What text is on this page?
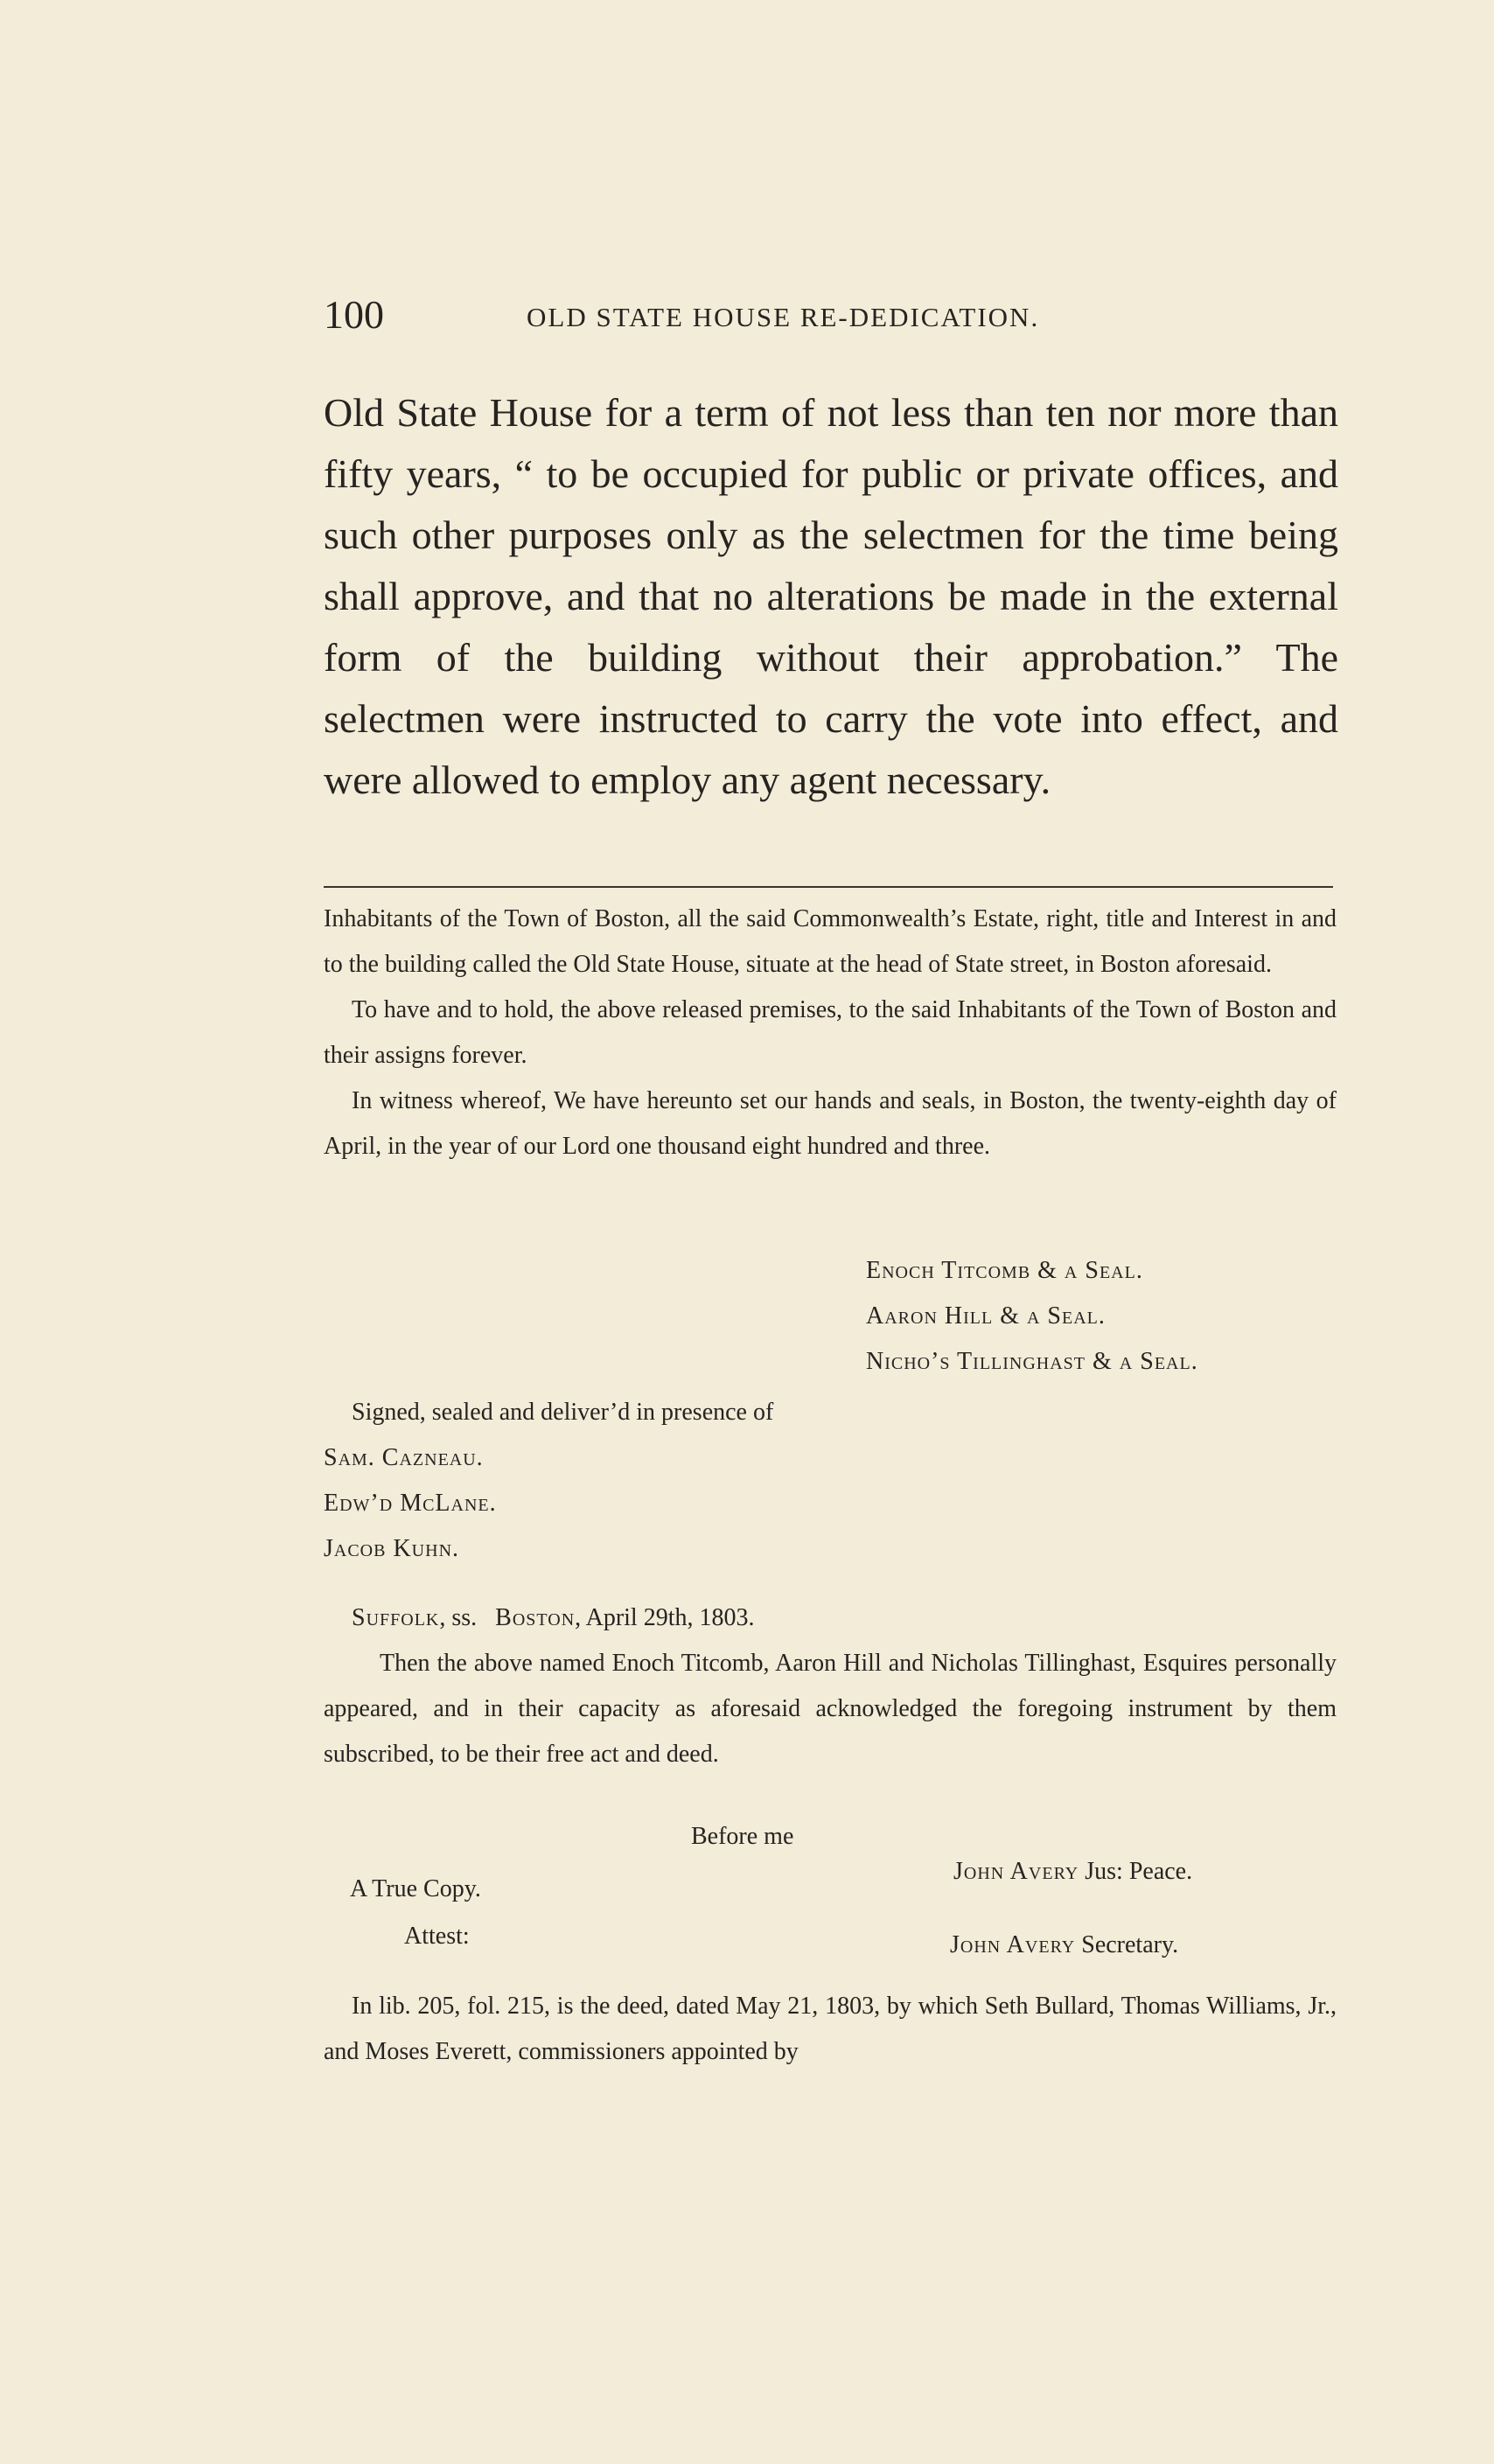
100	OLD STATE HOUSE RE-DEDICATION.

Old State House for a term of not less than ten nor more than fifty years, “ to be occupied for public or private offices, and such other purposes only as the selectmen for the time being shall approve, and that no alterations be made in the external form of the building without their approbation.” The selectmen were instructed to carry the vote into effect, and were allowed to employ any agent necessary.

Inhabitants of the Town of Boston, all the said Commonwealth’s Estate, right, title and Interest in and to the building called the Old State House, situate at the head of State street, in Boston aforesaid.

To have and to hold, the above released premises, to the said Inhabitants of the Town of Boston and their assigns forever.

In witness whereof, We have hereunto set our hands and seals, in Boston, the twenty-eighth day of April, in the year of our Lord one thousand eight hundred and three.

Enoch Titcomb & a Seal.
Aaron Hill & a Seal.
Nicho’s Tillinghast & a Seal.
Signed, sealed and deliver’d in presence of
Sam. Cazneau.
Edw’d McLane.
Jacob Kuhn.

Suffolk, ss. Boston, April 29th, 1803.

Then the above named Enoch Titcomb, Aaron Hill and Nicholas Tillinghast, Esquires personally appeared, and in their capacity as aforesaid acknowledged the foregoing instrument by them subscribed, to be their free act and deed.

Before me
John Avery Jus: Peace.
A True Copy.
Attest:	John Avery Secretary.

In lib. 205, fol. 215, is the deed, dated May 21, 1803, by which Seth Bullard, Thomas Williams, Jr., and Moses Everett, commissioners appointed by
